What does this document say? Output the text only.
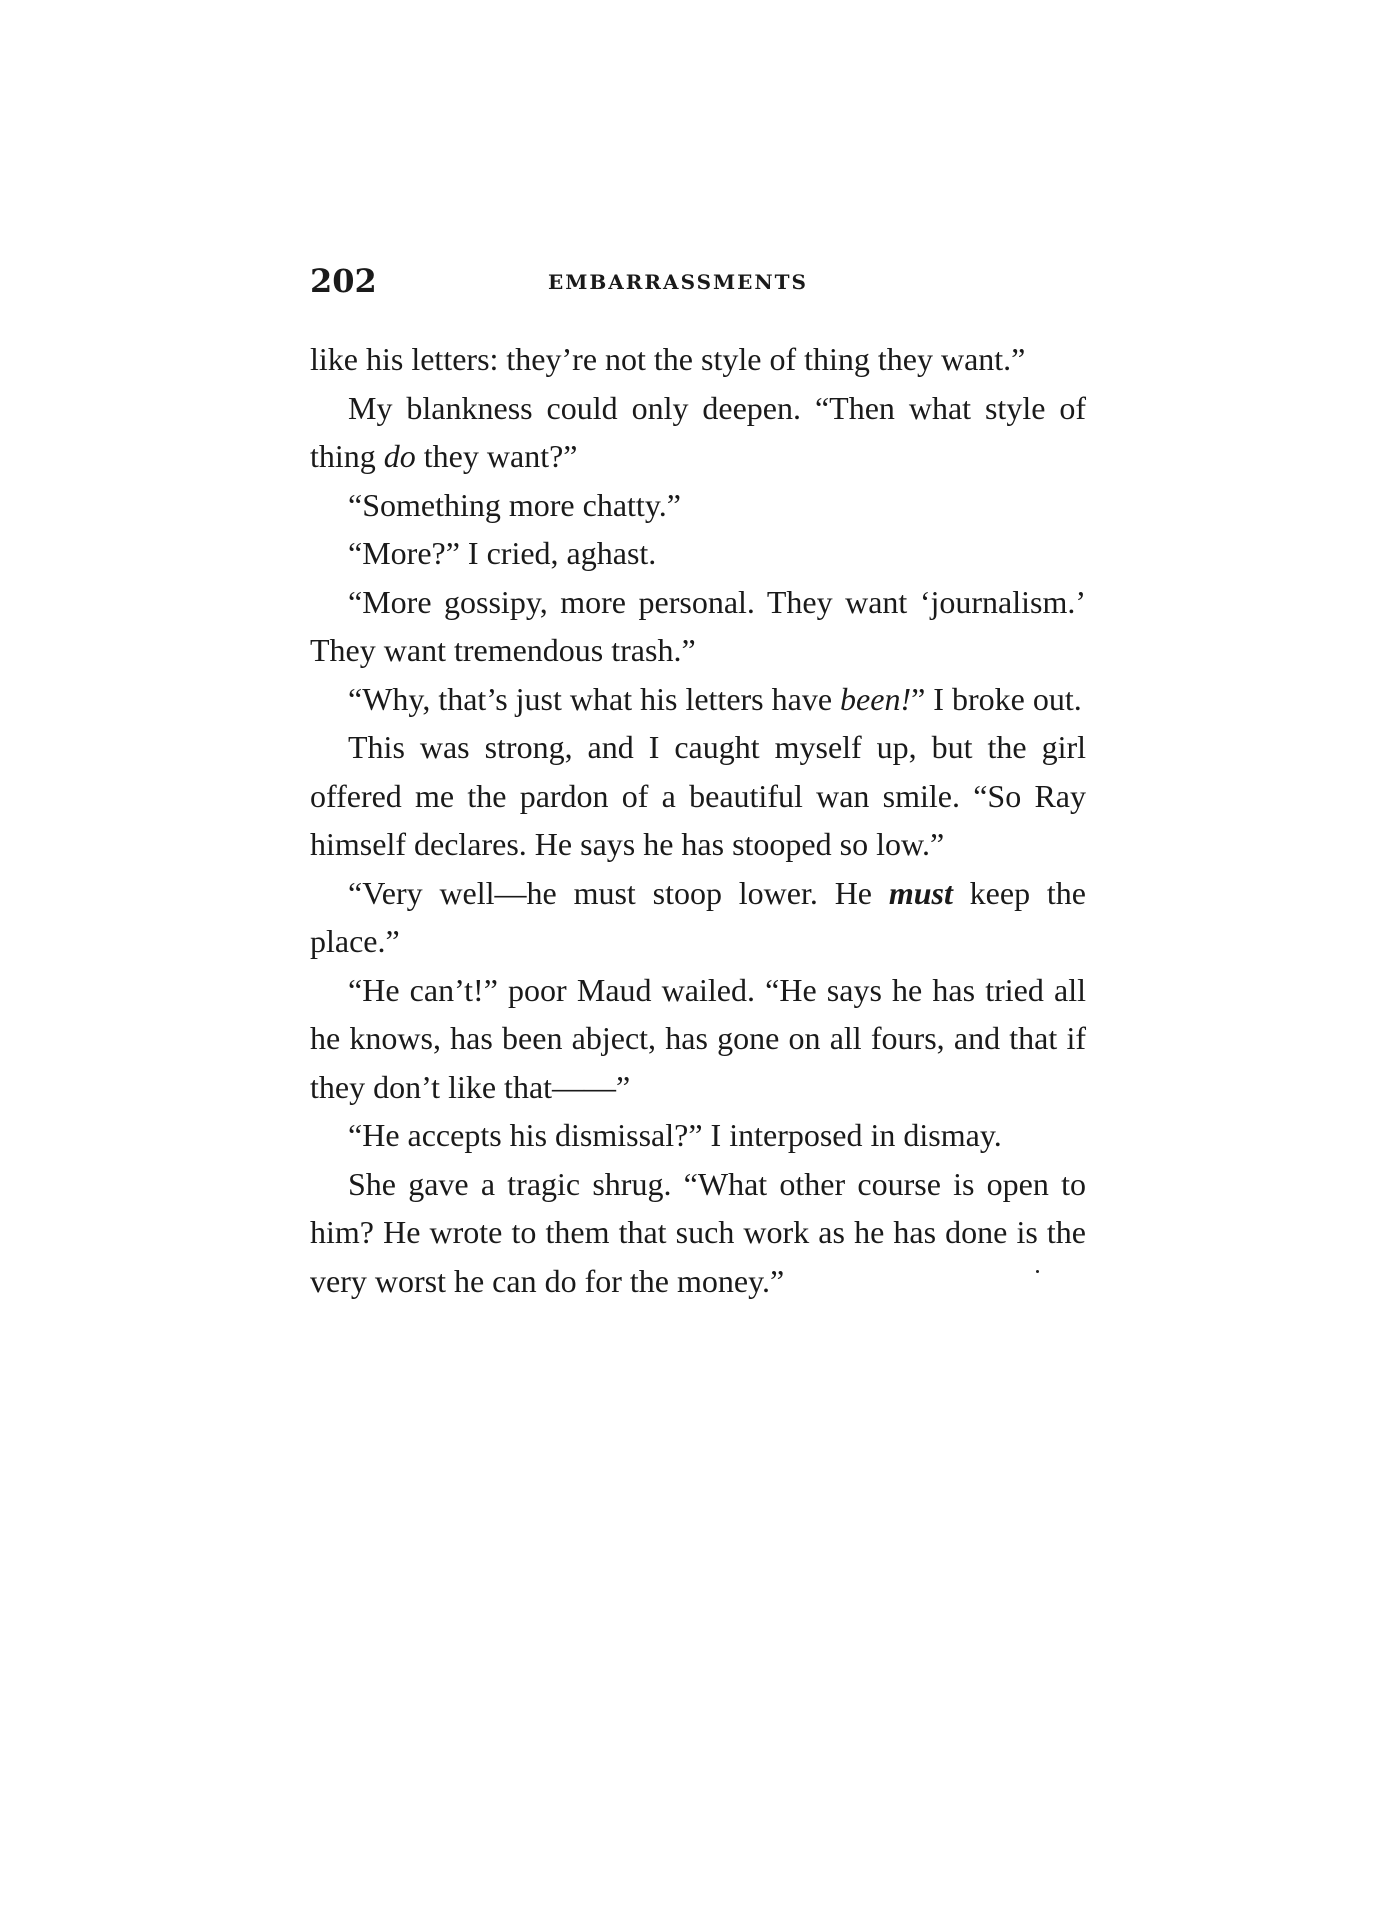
202	EMBARRASSMENTS

like his letters: they’re not the style of thing they want.”

My blankness could only deepen. “Then what style of thing do they want?”

“Something more chatty.”

“More?” I cried, aghast.

“More gossipy, more personal. They want ‘journalism.’ They want tremendous trash.”

“Why, that’s just what his letters have been!” I broke out.

This was strong, and I caught myself up, but the girl offered me the pardon of a beautiful wan smile. “So Ray himself declares. He says he has stooped so low.”

“Very well—he must stoop lower. He must keep the place.”

“He can’t!” poor Maud wailed. “He says he has tried all he knows, has been abject, has gone on all fours, and that if they don’t like that——”

“He accepts his dismissal?” I interposed in dismay.

She gave a tragic shrug. “What other course is open to him? He wrote to them that such work as he has done is the very worst he can do for the money.”
